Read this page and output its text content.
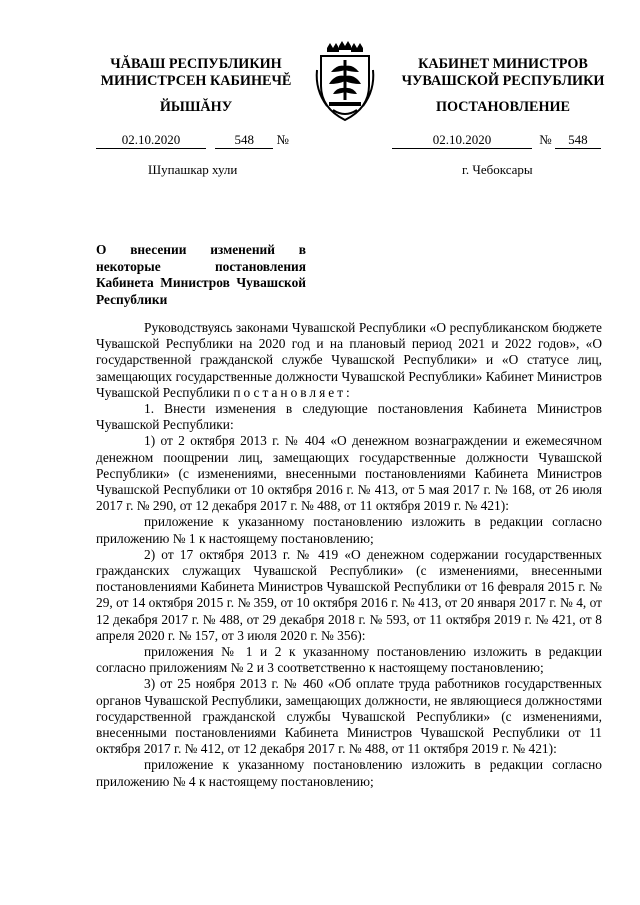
ЧĂВАШ РЕСПУБЛИКИН
МИНИСТРСЕН КАБИНЕЧĔ
ЙЫШĂНУ
КАБИНЕТ МИНИСТРОВ
ЧУВАШСКОЙ РЕСПУБЛИКИ
ПОСТАНОВЛЕНИЕ
02.10.2020	548 №	02.10.2020	№ 548
Шупашкар хули	г. Чебоксары
О внесении изменений в некоторые постановления Кабинета Министров Чувашской Республики

Руководствуясь законами Чувашской Республики «О республиканском бюджете Чувашской Республики на 2020 год и на плановый период 2021 и 2022 годов», «О государственной гражданской службе Чувашской Республики» и «О статусе лиц, замещающих государственные должности Чувашской Республики» Кабинет Министров Чувашской Республики постановляет:

1. Внести изменения в следующие постановления Кабинета Министров Чувашской Республики:

1) от 2 октября 2013 г. № 404 «О денежном вознаграждении и ежемесячном денежном поощрении лиц, замещающих государственные должности Чувашской Республики» (с изменениями, внесенными постановлениями Кабинета Министров Чувашской Республики от 10 октября 2016 г. № 413, от 5 мая 2017 г. № 168, от 26 июля 2017 г. № 290, от 12 декабря 2017 г. № 488, от 11 октября 2019 г. № 421):

приложение к указанному постановлению изложить в редакции согласно приложению № 1 к настоящему постановлению;

2) от 17 октября 2013 г. № 419 «О денежном содержании государственных гражданских служащих Чувашской Республики» (с изменениями, внесенными постановлениями Кабинета Министров Чувашской Республики от 16 февраля 2015 г. № 29, от 14 октября 2015 г. № 359, от 10 октября 2016 г. № 413, от 20 января 2017 г. № 4, от 12 декабря 2017 г. № 488, от 29 декабря 2018 г. № 593, от 11 октября 2019 г. № 421, от 8 апреля 2020 г. № 157, от 3 июля 2020 г. № 356):

приложения № 1 и 2 к указанному постановлению изложить в редакции согласно приложениям № 2 и 3 соответственно к настоящему постановлению;

3) от 25 ноября 2013 г. № 460 «Об оплате труда работников государственных органов Чувашской Республики, замещающих должности, не являющиеся должностями государственной гражданской службы Чувашской Республики» (с изменениями, внесенными постановлениями Кабинета Министров Чувашской Республики от 11 октября 2017 г. № 412, от 12 декабря 2017 г. № 488, от 11 октября 2019 г. № 421):

приложение к указанному постановлению изложить в редакции согласно приложению № 4 к настоящему постановлению;
